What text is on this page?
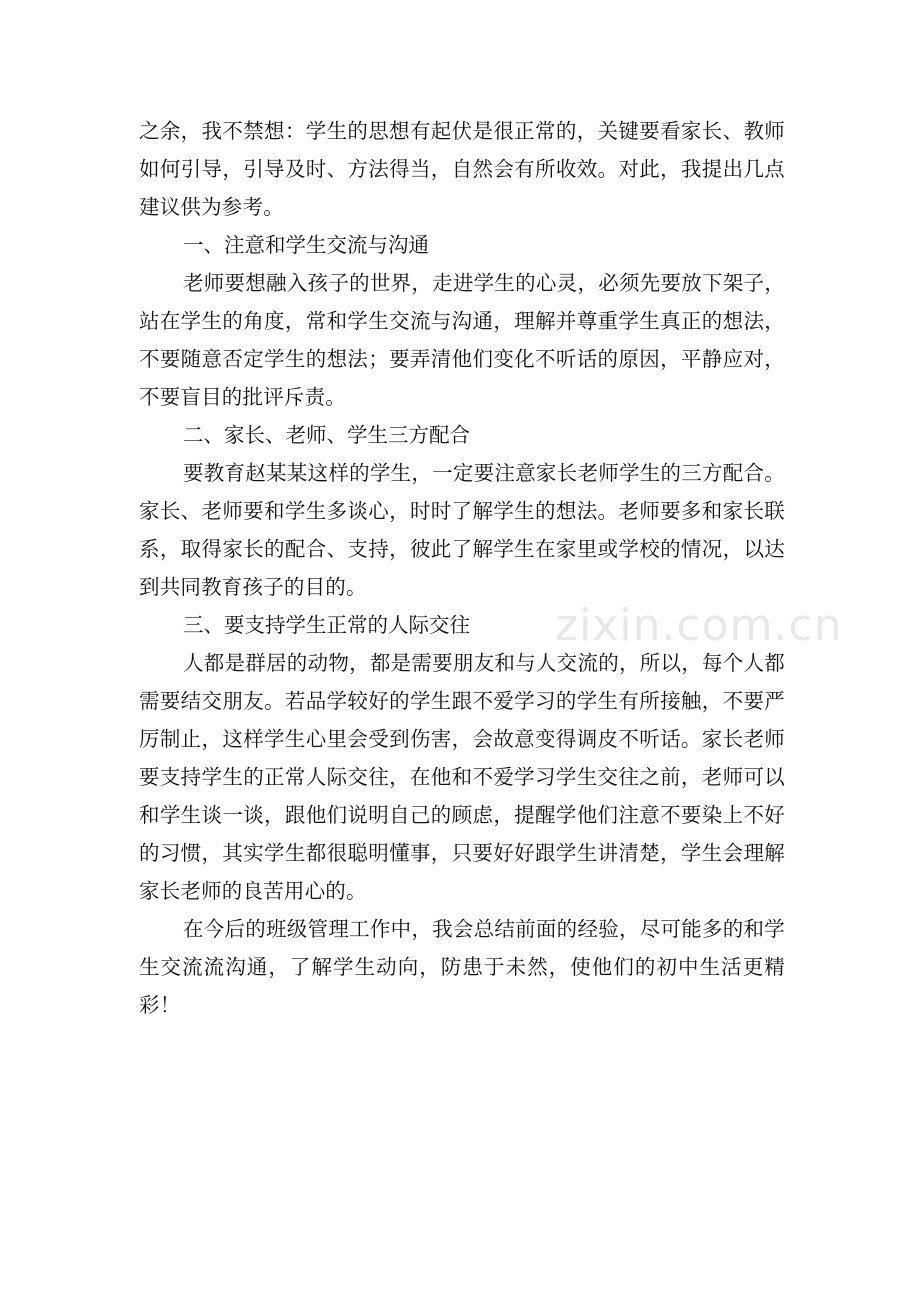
之余，我不禁想：学生的思想有起伏是很正常的，关键要看家长、教师如何引导，引导及时、方法得当，自然会有所收效。对此，我提出几点建议供为参考。

一、注意和学生交流与沟通

老师要想融入孩子的世界，走进学生的心灵，必须先要放下架子，站在学生的角度，常和学生交流与沟通，理解并尊重学生真正的想法，不要随意否定学生的想法；要弄清他们变化不听话的原因，平静应对，不要盲目的批评斥责。

二、家长、老师、学生三方配合

要教育赵某某这样的学生，一定要注意家长老师学生的三方配合。家长、老师要和学生多谈心，时时了解学生的想法。老师要多和家长联系，取得家长的配合、支持，彼此了解学生在家里或学校的情况，以达到共同教育孩子的目的。

三、要支持学生正常的人际交往

人都是群居的动物，都是需要朋友和与人交流的，所以，每个人都需要结交朋友。若品学较好的学生跟不爱学习的学生有所接触，不要严厉制止，这样学生心里会受到伤害，会故意变得调皮不听话。家长老师要支持学生的正常人际交往，在他和不爱学习学生交往之前，老师可以和学生谈一谈，跟他们说明自己的顾虑，提醒学他们注意不要染上不好的习惯，其实学生都很聪明懂事，只要好好跟学生讲清楚，学生会理解家长老师的良苦用心的。

在今后的班级管理工作中，我会总结前面的经验，尽可能多的和学生交流流沟通，了解学生动向，防患于未然，使他们的初中生活更精彩！

zixin.com.cn
